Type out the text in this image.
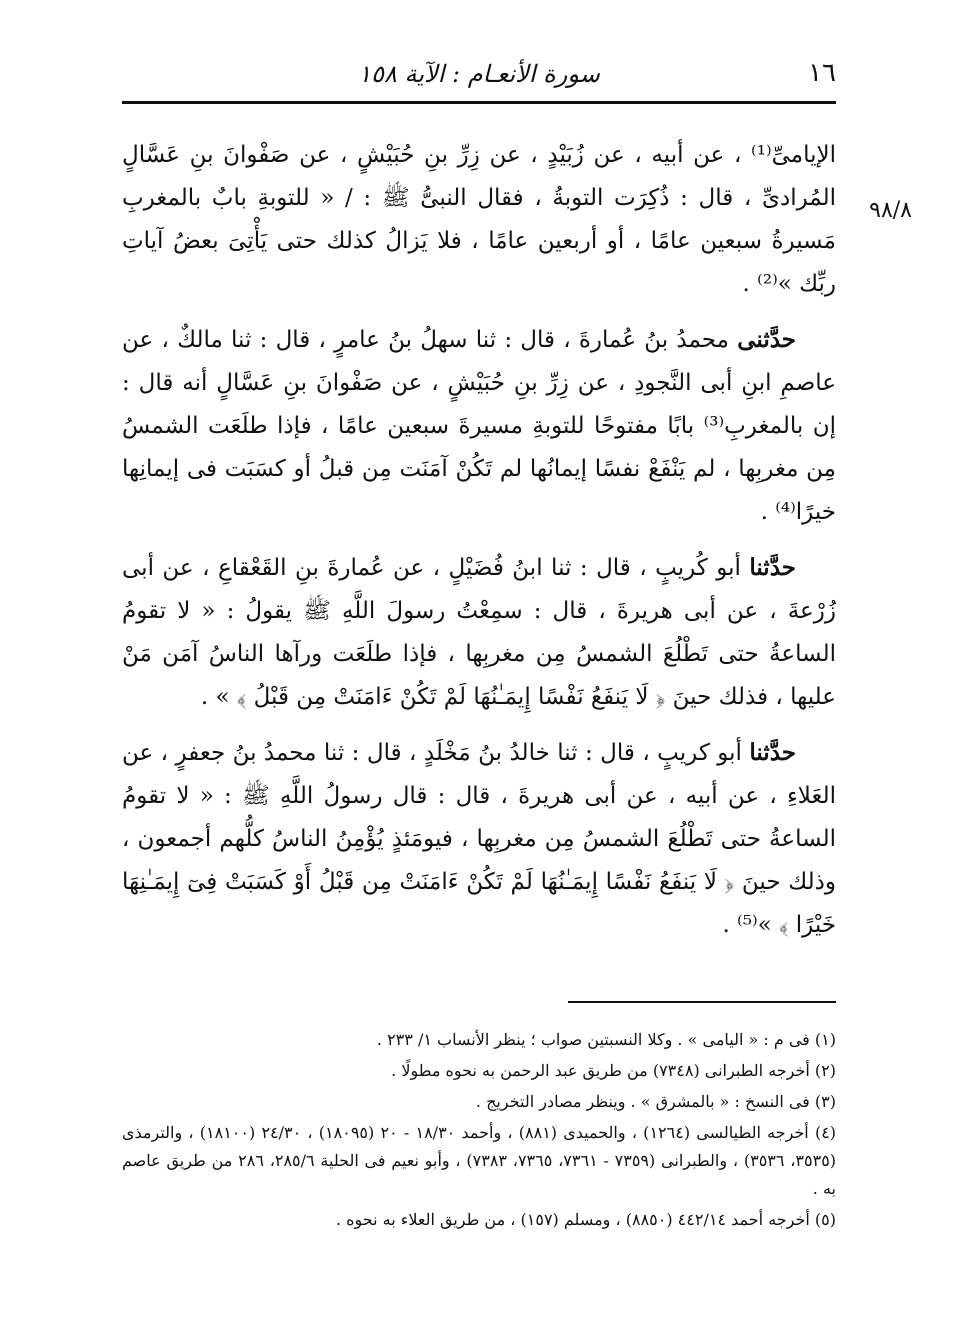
١٦
سورة الأنعـام : الآية ١٥٨
٩٨/٨

الإيامىِّ⁽¹⁾ ، عن أبيه ، عن زُبَيْدٍ ، عن زِرِّ بنِ حُبَيْشٍ ، عن صَفْوانَ بنِ عَسَّالٍ المُرادىِّ ، قال : ذُكِرَت التوبةُ ، فقال النبىُّ ﷺ : / « للتوبةِ بابٌ بالمغربِ مَسيرةُ سبعين عامًا ، أو أربعين عامًا ، فلا يَزالُ كذلك حتى يَأْتِىَ بعضُ آياتِ ربِّك »⁽²⁾ .

حدَّثنى محمدُ بنُ عُمارةَ ، قال : ثنا سهلُ بنُ عامرٍ ، قال : ثنا مالكٌ ، عن عاصمِ ابنِ أبى النَّجودِ ، عن زِرِّ بنِ حُبَيْشٍ ، عن صَفْوانَ بنِ عَسَّالٍ أنه قال : إن بالمغربِ⁽³⁾ بابًا مفتوحًا للتوبةِ مسيرةَ سبعين عامًا ، فإذا طلَعَت الشمسُ مِن مغربِها ، لم يَنْفَعْ نفسًا إيمانُها لم تَكُنْ آمَنَت مِن قبلُ أو كسَبَت فى إيمانِها خيرًا⁽⁴⁾ .

حدَّثنا أبو كُريبٍ ، قال : ثنا ابنُ فُضَيْلٍ ، عن عُمارةَ بنِ القَعْقاعِ ، عن أبى زُرْعةَ ، عن أبى هريرةَ ، قال : سمِعْتُ رسولَ اللَّهِ ﷺ يقولُ : « لا تقومُ الساعةُ حتى تَطْلُعَ الشمسُ مِن مغربِها ، فإذا طلَعَت ورآها الناسُ آمَن مَنْ عليها ، فذلك حينَ ﴿ لَا يَنفَعُ نَفْسًا إِيمَـٰنُهَا لَمْ تَكُنْ ءَامَنَتْ مِن قَبْلُ ﴾ » .

حدَّثنا أبو كريبٍ ، قال : ثنا خالدُ بنُ مَخْلَدٍ ، قال : ثنا محمدُ بنُ جعفرٍ ، عن العَلاءِ ، عن أبيه ، عن أبى هريرةَ ، قال : قال رسولُ اللَّهِ ﷺ : « لا تقومُ الساعةُ حتى تَطْلُعَ الشمسُ مِن مغربِها ، فيومَئذٍ يُؤْمِنُ الناسُ كلُّهم أجمعون ، وذلك حينَ ﴿ لَا يَنفَعُ نَفْسًا إِيمَـٰنُهَا لَمْ تَكُنْ ءَامَنَتْ مِن قَبْلُ أَوْ كَسَبَتْ فِىٓ إِيمَـٰنِهَا خَيْرًا ﴾ »⁽⁵⁾ .

(١) فى م : « اليامى » . وكلا النسبتين صواب ؛ ينظر الأنساب ١/ ٢٣٣ .

(٢) أخرجه الطبرانى (٧٣٤٨) من طريق عبد الرحمن به نحوه مطولًا .

(٣) فى النسخ : « بالمشرق » . وينظر مصادر التخريج .

(٤) أخرجه الطيالسى (١٢٦٤) ، والحميدى (٨٨١) ، وأحمد ١٨/٣٠ - ٢٠ (١٨٠٩٥) ، ٢٤/٣٠ (١٨١٠٠) ، والترمذى (٣٥٣٥، ٣٥٣٦) ، والطبرانى (٧٣٥٩ - ٧٣٦١، ٧٣٦٥، ٧٣٨٣) ، وأبو نعيم فى الحلية ٢٨٥/٦، ٢٨٦ من طريق عاصم به .

(٥) أخرجه أحمد ٤٤٢/١٤ (٨٨٥٠) ، ومسلم (١٥٧) ، من طريق العلاء به نحوه .
